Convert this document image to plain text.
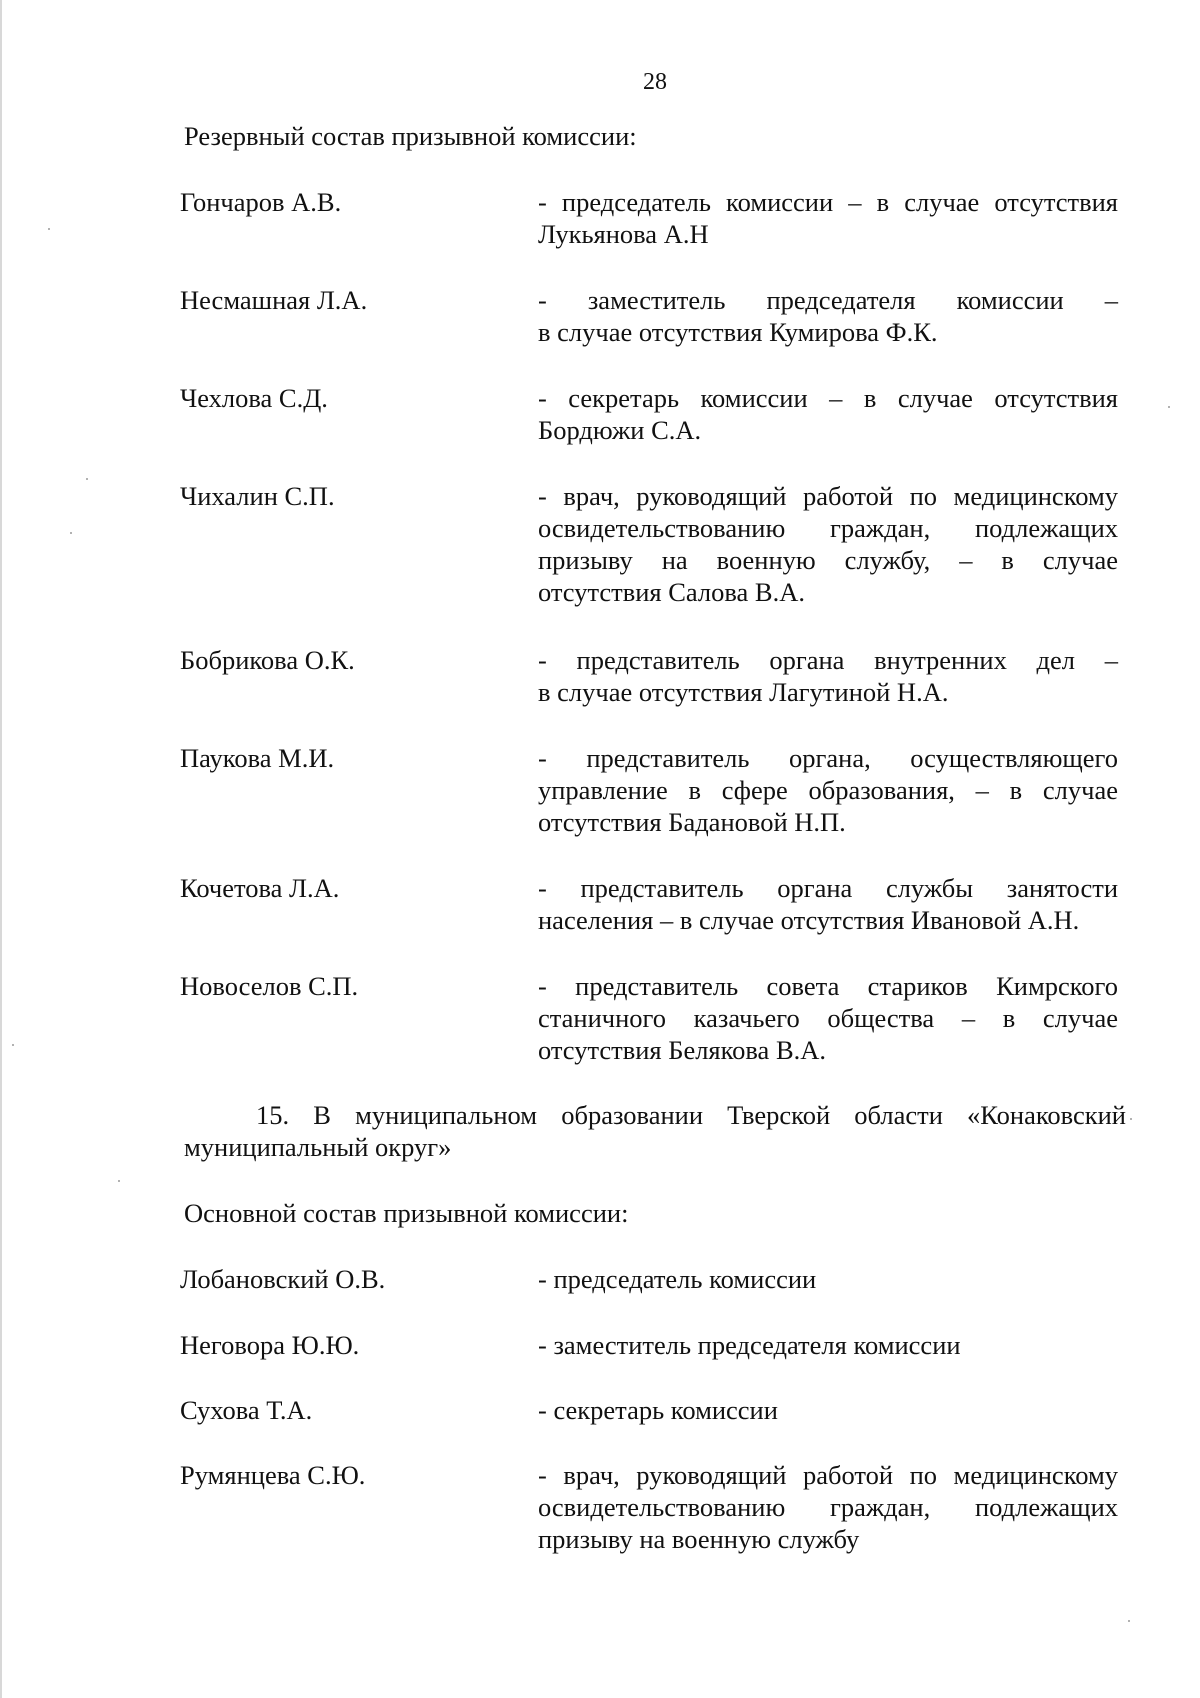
28
Резервный состав призывной комиссии:
Гончаров А.В.	- председатель комиссии – в случае отсутствия
Лукьянова А.Н
Несмашная Л.А.	- заместитель председателя комиссии –
в случае отсутствия Кумирова Ф.К.
Чехлова С.Д.	- секретарь комиссии – в случае отсутствия
Бордюжи С.А.
Чихалин С.П.	- врач, руководящий работой по медицинскому
освидетельствованию граждан, подлежащих
призыву на военную службу, – в случае
отсутствия Салова В.А.
Бобрикова О.К.	- представитель органа внутренних дел –
в случае отсутствия Лагутиной Н.А.
Паукова М.И.	- представитель органа, осуществляющего
управление в сфере образования, – в случае
отсутствия Бадановой Н.П.
Кочетова Л.А.	- представитель органа службы занятости
населения – в случае отсутствия Ивановой А.Н.
Новоселов С.П.	- представитель совета стариков Кимрского
станичного казачьего общества – в случае
отсутствия Белякова В.А.
15. В муниципальном образовании Тверской области «Конаковский
муниципальный округ»
Основной состав призывной комиссии:
Лобановский О.В.	- председатель комиссии
Неговора Ю.Ю.	- заместитель председателя комиссии
Сухова Т.А.	- секретарь комиссии
Румянцева С.Ю.	- врач, руководящий работой по медицинскому
освидетельствованию граждан, подлежащих
призыву на военную службу
